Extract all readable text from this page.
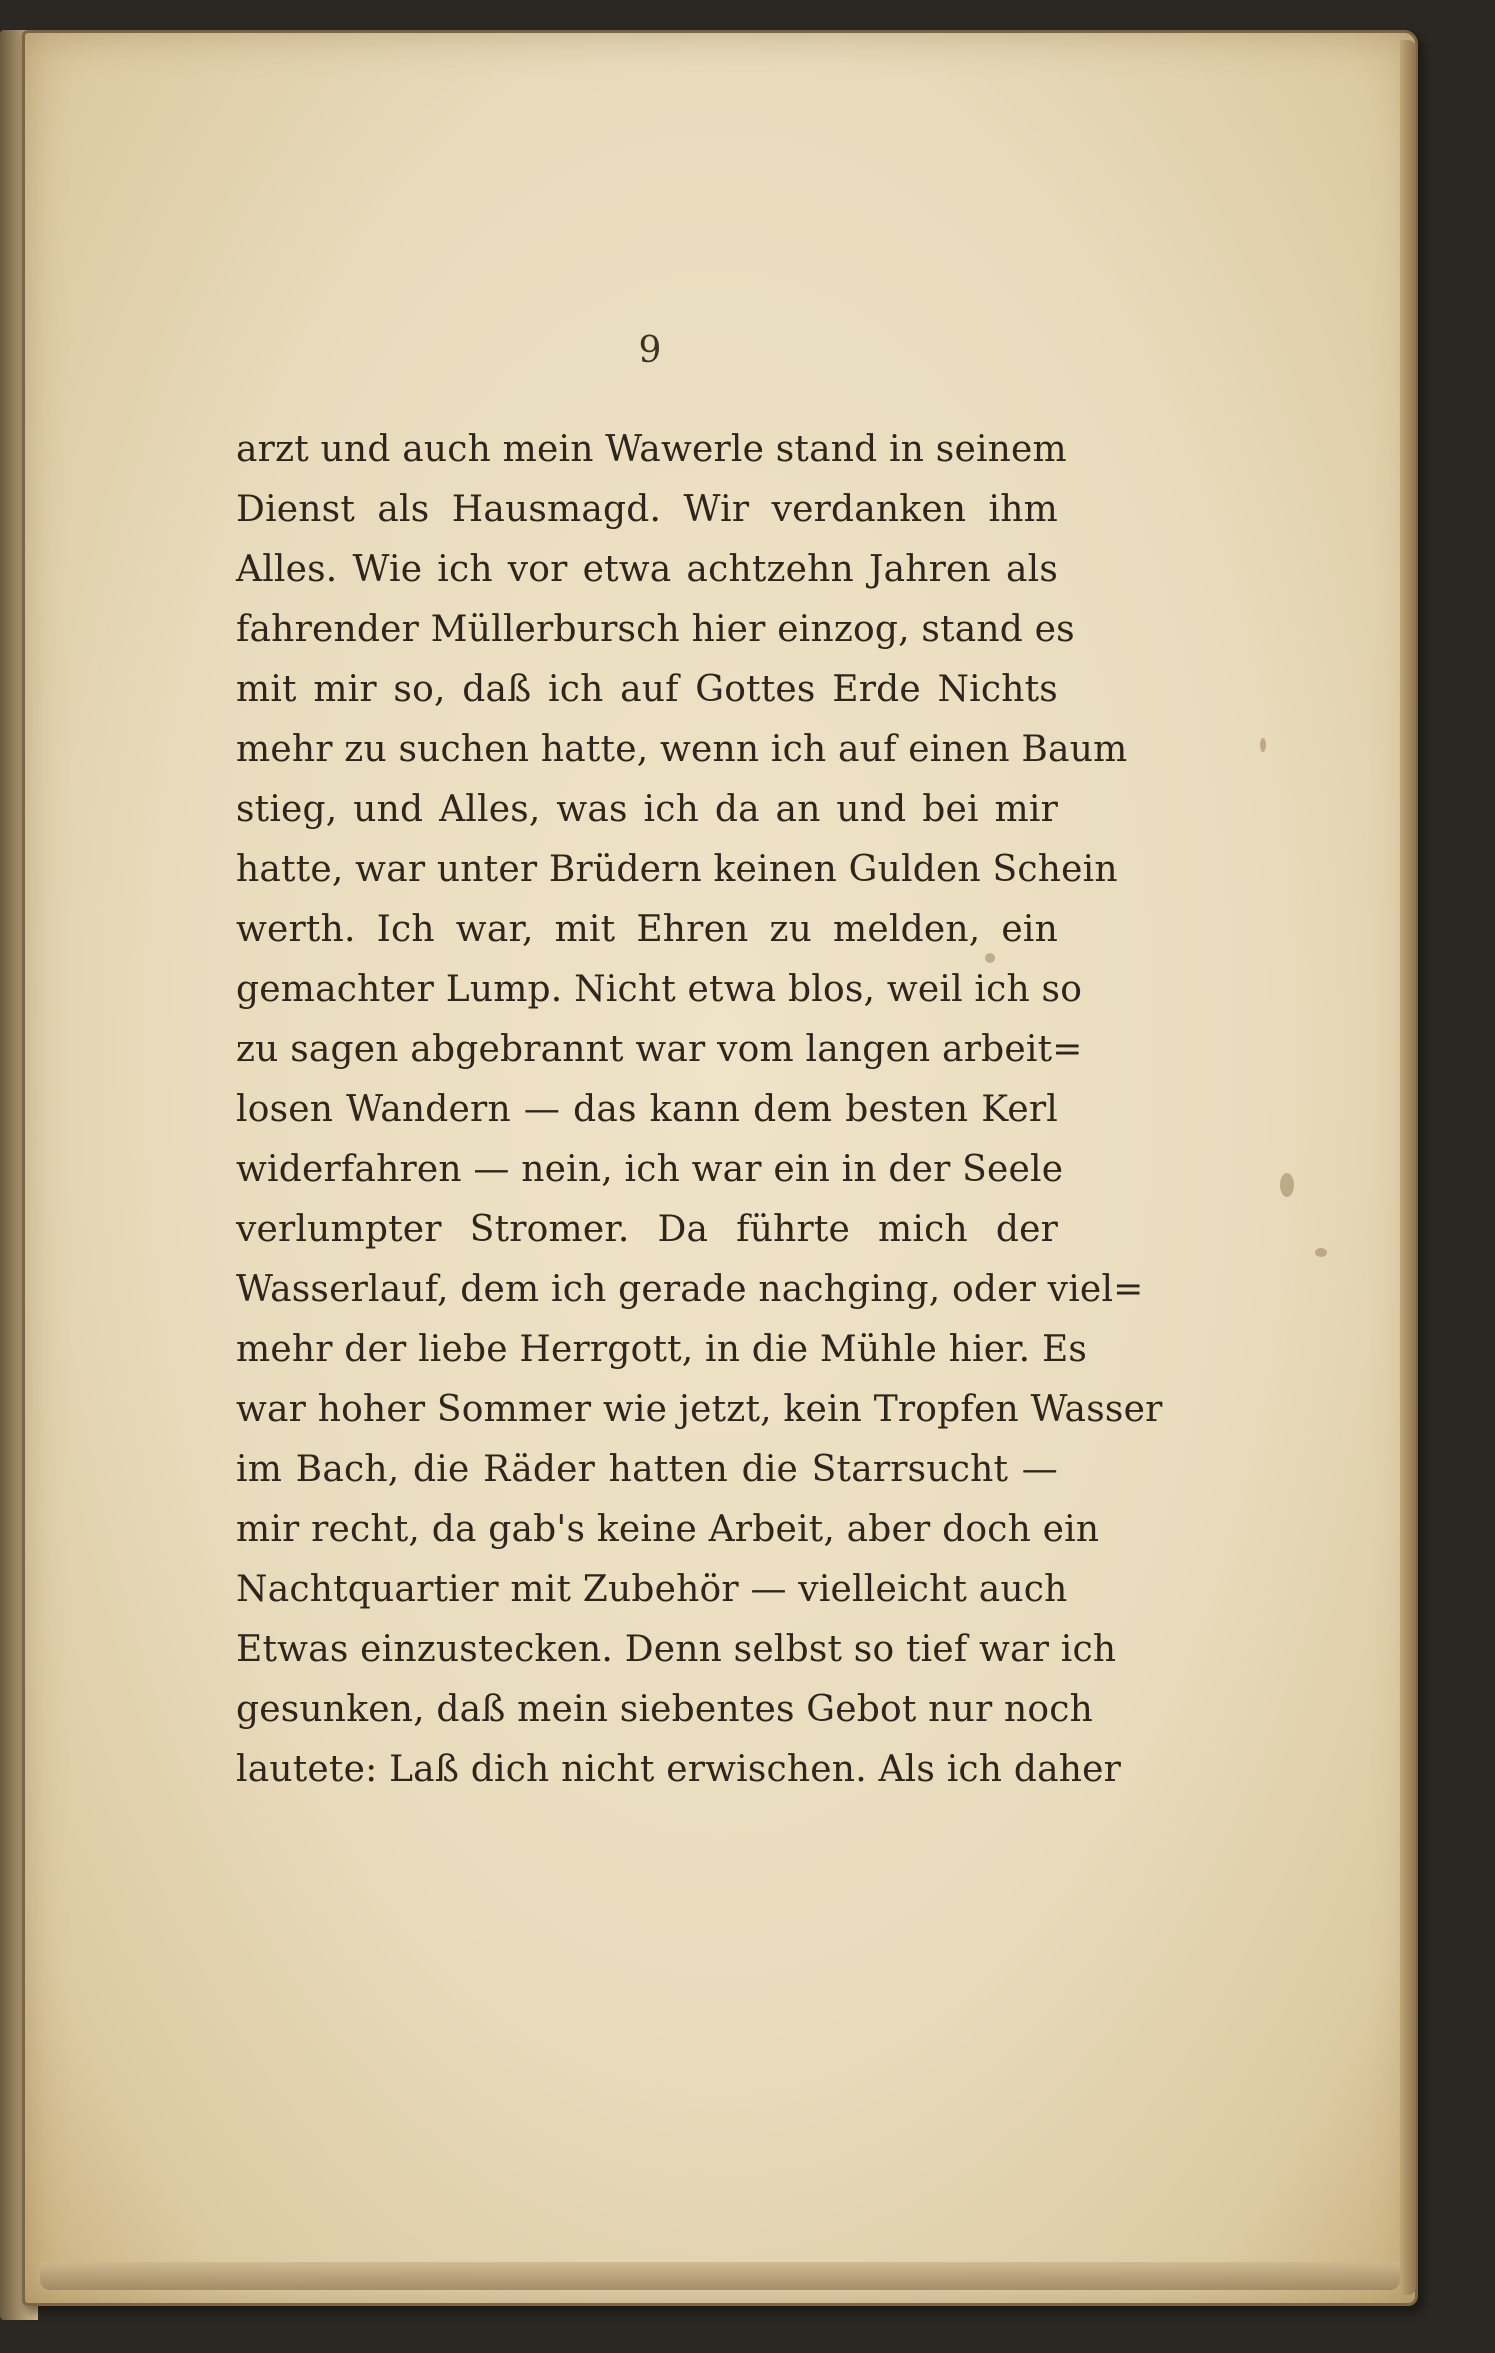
9
arzt und auch mein Wawerle stand in seinem
Dienst als Hausmagd. Wir verdanken ihm
Alles. Wie ich vor etwa achtzehn Jahren als
fahrender Müllerbursch hier einzog, stand es
mit mir so, daß ich auf Gottes Erde Nichts
mehr zu suchen hatte, wenn ich auf einen Baum
stieg, und Alles, was ich da an und bei mir
hatte, war unter Brüdern keinen Gulden Schein
werth. Ich war, mit Ehren zu melden, ein
gemachter Lump. Nicht etwa blos, weil ich so
zu sagen abgebrannt war vom langen arbeit=
losen Wandern — das kann dem besten Kerl
widerfahren — nein, ich war ein in der Seele
verlumpter Stromer. Da führte mich der
Wasserlauf, dem ich gerade nachging, oder viel=
mehr der liebe Herrgott, in die Mühle hier. Es
war hoher Sommer wie jetzt, kein Tropfen Wasser
im Bach, die Räder hatten die Starrsucht —
mir recht, da gab's keine Arbeit, aber doch ein
Nachtquartier mit Zubehör — vielleicht auch
Etwas einzustecken. Denn selbst so tief war ich
gesunken, daß mein siebentes Gebot nur noch
lautete: Laß dich nicht erwischen. Als ich daher
